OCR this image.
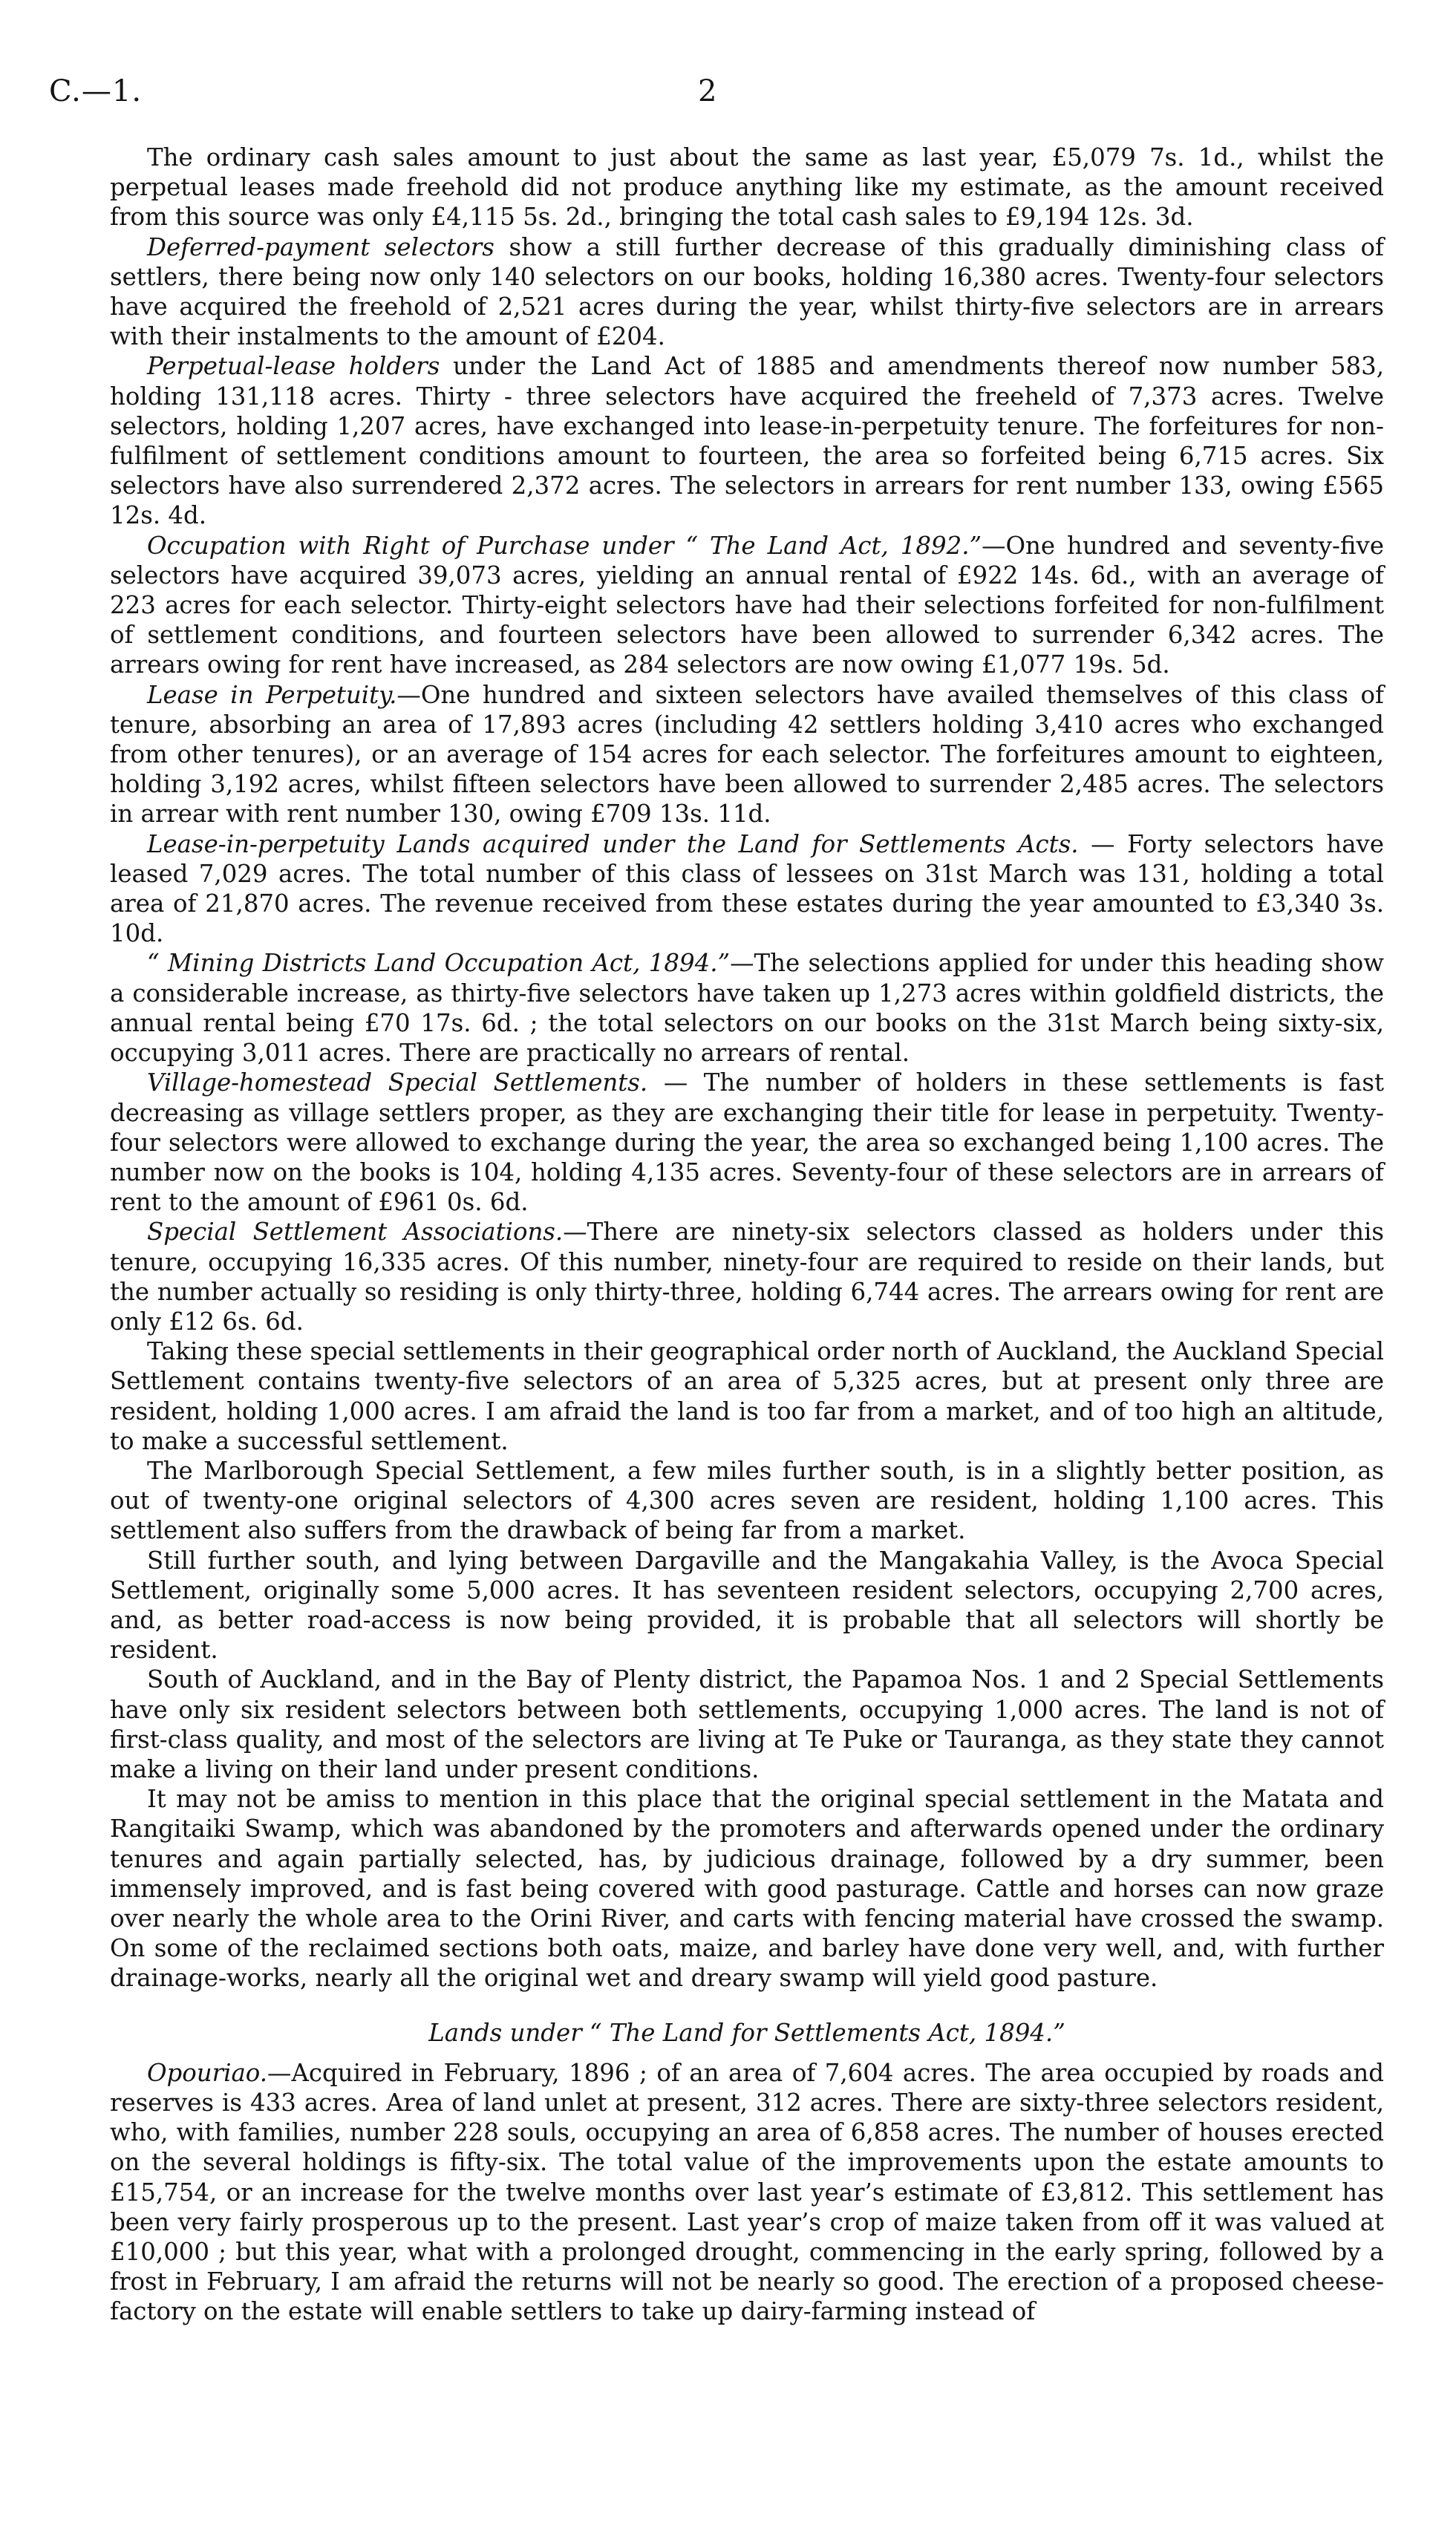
C.—1.	2

The ordinary cash sales amount to just about the same as last year, £5,079 7s. 1d., whilst the perpetual leases made freehold did not produce anything like my estimate, as the amount received from this source was only £4,115 5s. 2d., bringing the total cash sales to £9,194 12s. 3d.

Deferred-payment selectors show a still further decrease of this gradually diminishing class of settlers, there being now only 140 selectors on our books, holding 16,380 acres. Twenty-four selectors have acquired the freehold of 2,521 acres during the year, whilst thirty-five selectors are in arrears with their instalments to the amount of £204.

Perpetual-lease holders under the Land Act of 1885 and amendments thereof now number 583, holding 131,118 acres. Thirty - three selectors have acquired the freeheld of 7,373 acres. Twelve selectors, holding 1,207 acres, have exchanged into lease-in-perpetuity tenure. The forfeitures for non-fulfilment of settlement conditions amount to fourteen, the area so forfeited being 6,715 acres. Six selectors have also surrendered 2,372 acres. The selectors in arrears for rent number 133, owing £565 12s. 4d.

Occupation with Right of Purchase under “ The Land Act, 1892.”—One hundred and seventy-five selectors have acquired 39,073 acres, yielding an annual rental of £922 14s. 6d., with an average of 223 acres for each selector. Thirty-eight selectors have had their selections forfeited for non-fulfilment of settlement conditions, and fourteen selectors have been allowed to surrender 6,342 acres. The arrears owing for rent have increased, as 284 selectors are now owing £1,077 19s. 5d.

Lease in Perpetuity.—One hundred and sixteen selectors have availed themselves of this class of tenure, absorbing an area of 17,893 acres (including 42 settlers holding 3,410 acres who exchanged from other tenures), or an average of 154 acres for each selector. The forfeitures amount to eighteen, holding 3,192 acres, whilst fifteen selectors have been allowed to surrender 2,485 acres. The selectors in arrear with rent number 130, owing £709 13s. 11d.

Lease-in-perpetuity Lands acquired under the Land for Settlements Acts. — Forty selectors have leased 7,029 acres. The total number of this class of lessees on 31st March was 131, holding a total area of 21,870 acres. The revenue received from these estates during the year amounted to £3,340 3s. 10d.

“ Mining Districts Land Occupation Act, 1894.”—The selections applied for under this heading show a considerable increase, as thirty-five selectors have taken up 1,273 acres within goldfield districts, the annual rental being £70 17s. 6d. ; the total selectors on our books on the 31st March being sixty-six, occupying 3,011 acres. There are practically no arrears of rental.

Village-homestead Special Settlements. — The number of holders in these settlements is fast decreasing as village settlers proper, as they are exchanging their title for lease in perpetuity. Twenty-four selectors were allowed to exchange during the year, the area so exchanged being 1,100 acres. The number now on the books is 104, holding 4,135 acres. Seventy-four of these selectors are in arrears of rent to the amount of £961 0s. 6d.

Special Settlement Associations.—There are ninety-six selectors classed as holders under this tenure, occupying 16,335 acres. Of this number, ninety-four are required to reside on their lands, but the number actually so residing is only thirty-three, holding 6,744 acres. The arrears owing for rent are only £12 6s. 6d.

Taking these special settlements in their geographical order north of Auckland, the Auckland Special Settlement contains twenty-five selectors of an area of 5,325 acres, but at present only three are resident, holding 1,000 acres. I am afraid the land is too far from a market, and of too high an altitude, to make a successful settlement.

The Marlborough Special Settlement, a few miles further south, is in a slightly better position, as out of twenty-one original selectors of 4,300 acres seven are resident, holding 1,100 acres. This settlement also suffers from the drawback of being far from a market.

Still further south, and lying between Dargaville and the Mangakahia Valley, is the Avoca Special Settlement, originally some 5,000 acres. It has seventeen resident selectors, occupying 2,700 acres, and, as better road-access is now being provided, it is probable that all selectors will shortly be resident.

South of Auckland, and in the Bay of Plenty district, the Papamoa Nos. 1 and 2 Special Settlements have only six resident selectors between both settlements, occupying 1,000 acres. The land is not of first-class quality, and most of the selectors are living at Te Puke or Tauranga, as they state they cannot make a living on their land under present conditions.

It may not be amiss to mention in this place that the original special settlement in the Matata and Rangitaiki Swamp, which was abandoned by the promoters and afterwards opened under the ordinary tenures and again partially selected, has, by judicious drainage, followed by a dry summer, been immensely improved, and is fast being covered with good pasturage. Cattle and horses can now graze over nearly the whole area to the Orini River, and carts with fencing material have crossed the swamp. On some of the reclaimed sections both oats, maize, and barley have done very well, and, with further drainage-works, nearly all the original wet and dreary swamp will yield good pasture.

Lands under “ The Land for Settlements Act, 1894.”

Opouriao.—Acquired in February, 1896 ; of an area of 7,604 acres. The area occupied by roads and reserves is 433 acres. Area of land unlet at present, 312 acres. There are sixty-three selectors resident, who, with families, number 228 souls, occupying an area of 6,858 acres. The number of houses erected on the several holdings is fifty-six. The total value of the improvements upon the estate amounts to £15,754, or an increase for the twelve months over last year’s estimate of £3,812. This settlement has been very fairly prosperous up to the present. Last year’s crop of maize taken from off it was valued at £10,000 ; but this year, what with a prolonged drought, commencing in the early spring, followed by a frost in February, I am afraid the returns will not be nearly so good. The erection of a proposed cheese-factory on the estate will enable settlers to take up dairy-farming instead of
